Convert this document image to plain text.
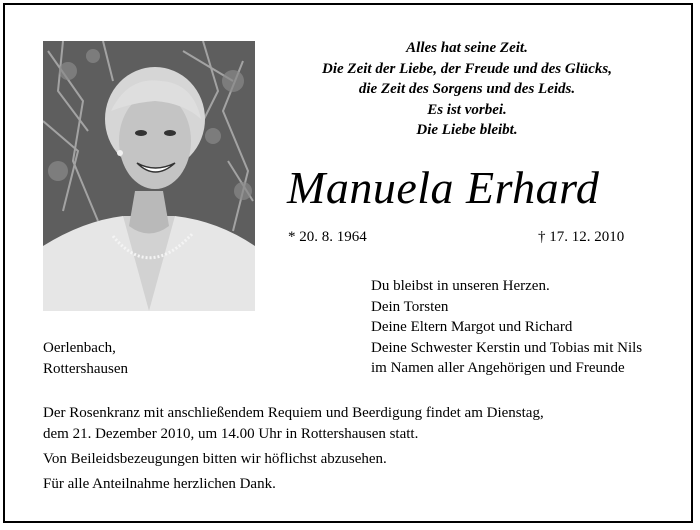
Alles hat seine Zeit.
Die Zeit der Liebe, der Freude und des Glücks,
die Zeit des Sorgens und des Leids.
Es ist vorbei.
Die Liebe bleibt.
Manuela Erhard
* 20. 8. 1964	† 17. 12. 2010
Du bleibst in unseren Herzen.
Dein Torsten
Deine Eltern Margot und Richard
Deine Schwester Kerstin und Tobias mit Nils
im Namen aller Angehörigen und Freunde
Oerlenbach,
Rottershausen

Der Rosenkranz mit anschließendem Requiem und Beerdigung findet am Dienstag,
dem 21. Dezember 2010, um 14.00 Uhr in Rottershausen statt.

Von Beileidsbezeugungen bitten wir höflichst abzusehen.

Für alle Anteilnahme herzlichen Dank.
